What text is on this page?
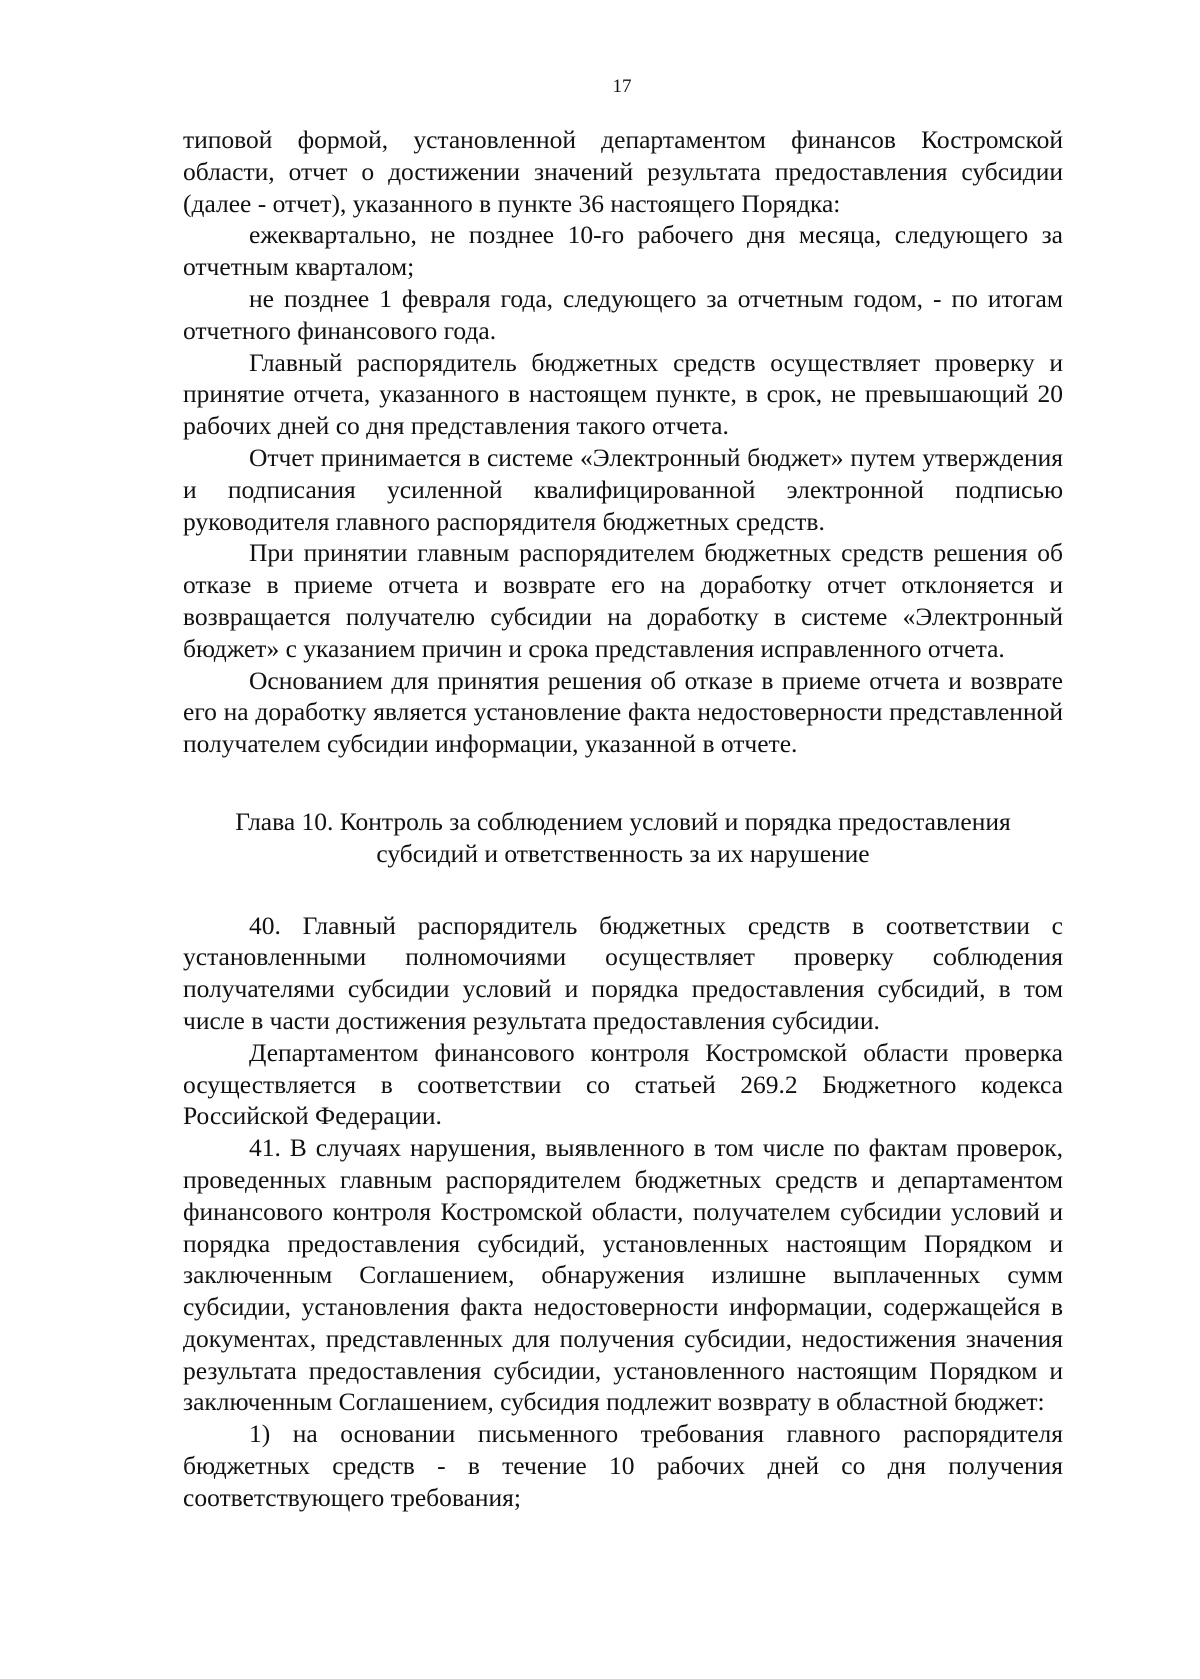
17

типовой формой, установленной департаментом финансов Костромской области, отчет о достижении значений результата предоставления субсидии (далее - отчет), указанного в пункте 36 настоящего Порядка:

ежеквартально, не позднее 10-го рабочего дня месяца, следующего за отчетным кварталом;

не позднее 1 февраля года, следующего за отчетным годом, - по итогам отчетного финансового года.

Главный распорядитель бюджетных средств осуществляет проверку и принятие отчета, указанного в настоящем пункте, в срок, не превышающий 20 рабочих дней со дня представления такого отчета.

Отчет принимается в системе «Электронный бюджет» путем утверждения и подписания усиленной квалифицированной электронной подписью руководителя главного распорядителя бюджетных средств.

При принятии главным распорядителем бюджетных средств решения об отказе в приеме отчета и возврате его на доработку отчет отклоняется и возвращается получателю субсидии на доработку в системе «Электронный бюджет» с указанием причин и срока представления исправленного отчета.

Основанием для принятия решения об отказе в приеме отчета и возврате его на доработку является установление факта недостоверности представленной получателем субсидии информации, указанной в отчете.

Глава 10. Контроль за соблюдением условий и порядка предоставления субсидий и ответственность за их нарушение

40. Главный распорядитель бюджетных средств в соответствии с установленными полномочиями осуществляет проверку соблюдения получателями субсидии условий и порядка предоставления субсидий, в том числе в части достижения результата предоставления субсидии.

Департаментом финансового контроля Костромской области проверка осуществляется в соответствии со статьей 269.2 Бюджетного кодекса Российской Федерации.

41. В случаях нарушения, выявленного в том числе по фактам проверок, проведенных главным распорядителем бюджетных средств и департаментом финансового контроля Костромской области, получателем субсидии условий и порядка предоставления субсидий, установленных настоящим Порядком и заключенным Соглашением, обнаружения излишне выплаченных сумм субсидии, установления факта недостоверности информации, содержащейся в документах, представленных для получения субсидии, недостижения значения результата предоставления субсидии, установленного настоящим Порядком и заключенным Соглашением, субсидия подлежит возврату в областной бюджет:

1) на основании письменного требования главного распорядителя бюджетных средств - в течение 10 рабочих дней со дня получения соответствующего требования;
